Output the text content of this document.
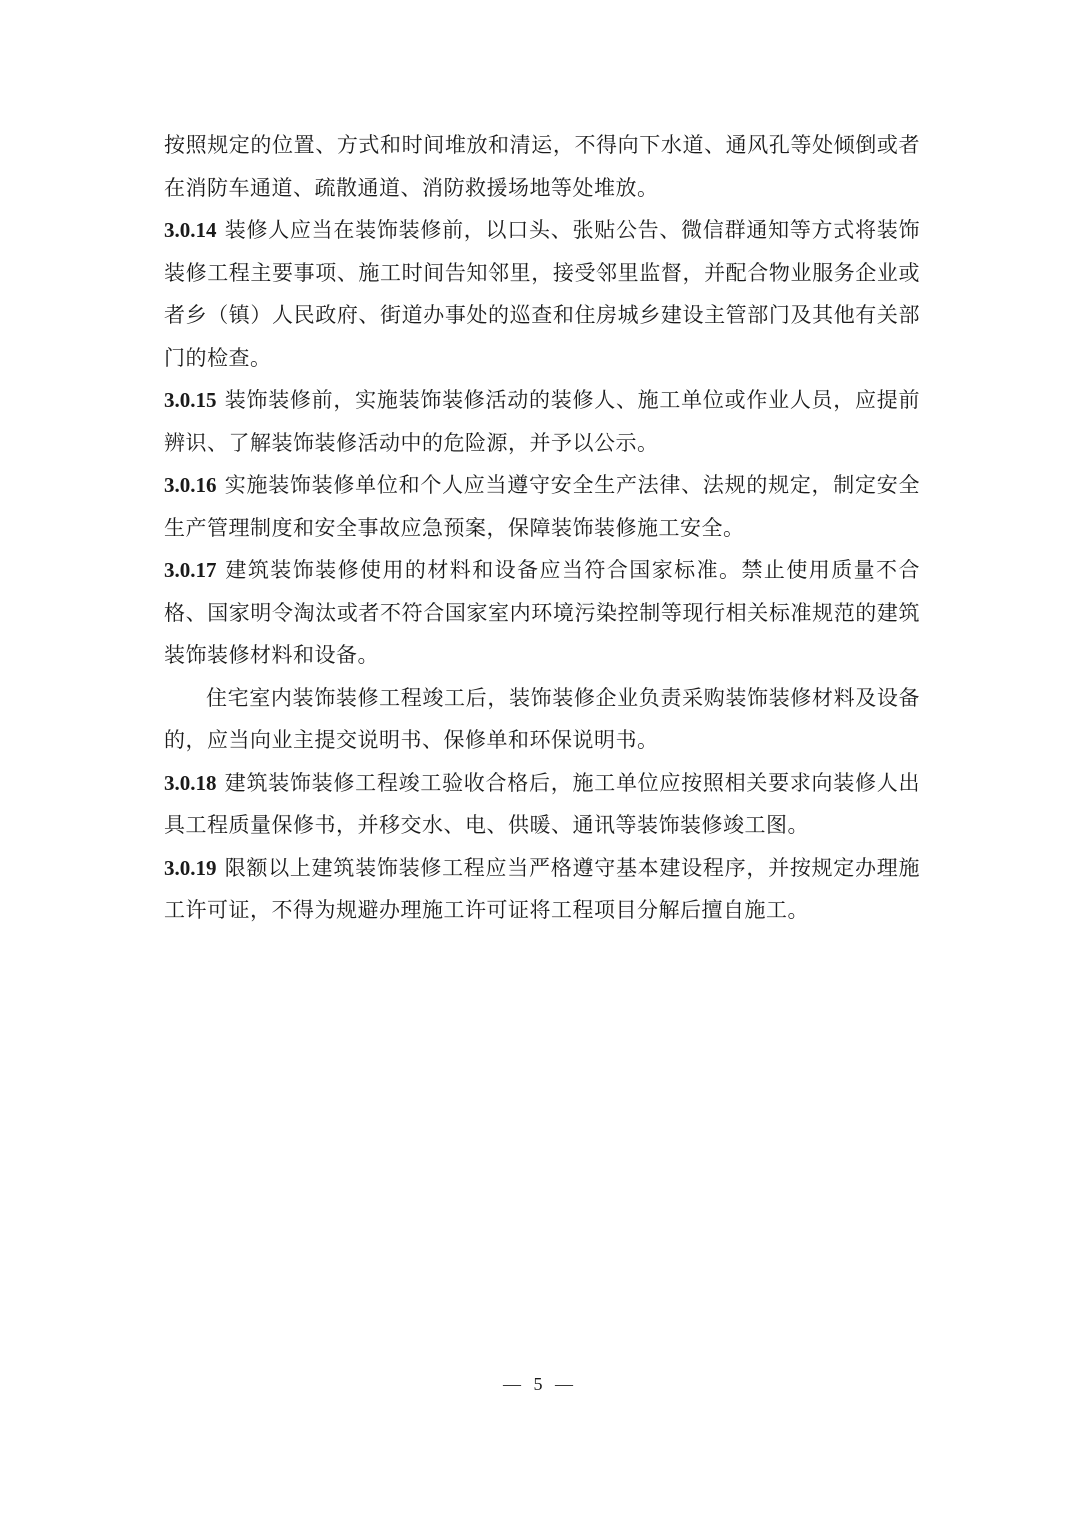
按照规定的位置、方式和时间堆放和清运，不得向下水道、通风孔等处倾倒或者在消防车通道、疏散通道、消防救援场地等处堆放。

3.0.14 装修人应当在装饰装修前，以口头、张贴公告、微信群通知等方式将装饰装修工程主要事项、施工时间告知邻里，接受邻里监督，并配合物业服务企业或者乡（镇）人民政府、街道办事处的巡查和住房城乡建设主管部门及其他有关部门的检查。

3.0.15 装饰装修前，实施装饰装修活动的装修人、施工单位或作业人员，应提前辨识、了解装饰装修活动中的危险源，并予以公示。

3.0.16 实施装饰装修单位和个人应当遵守安全生产法律、法规的规定，制定安全生产管理制度和安全事故应急预案，保障装饰装修施工安全。

3.0.17 建筑装饰装修使用的材料和设备应当符合国家标准。禁止使用质量不合格、国家明令淘汰或者不符合国家室内环境污染控制等现行相关标准规范的建筑装饰装修材料和设备。

住宅室内装饰装修工程竣工后，装饰装修企业负责采购装饰装修材料及设备的，应当向业主提交说明书、保修单和环保说明书。

3.0.18 建筑装饰装修工程竣工验收合格后，施工单位应按照相关要求向装修人出具工程质量保修书，并移交水、电、供暖、通讯等装饰装修竣工图。

3.0.19 限额以上建筑装饰装修工程应当严格遵守基本建设程序，并按规定办理施工许可证，不得为规避办理施工许可证将工程项目分解后擅自施工。

— 5 —
